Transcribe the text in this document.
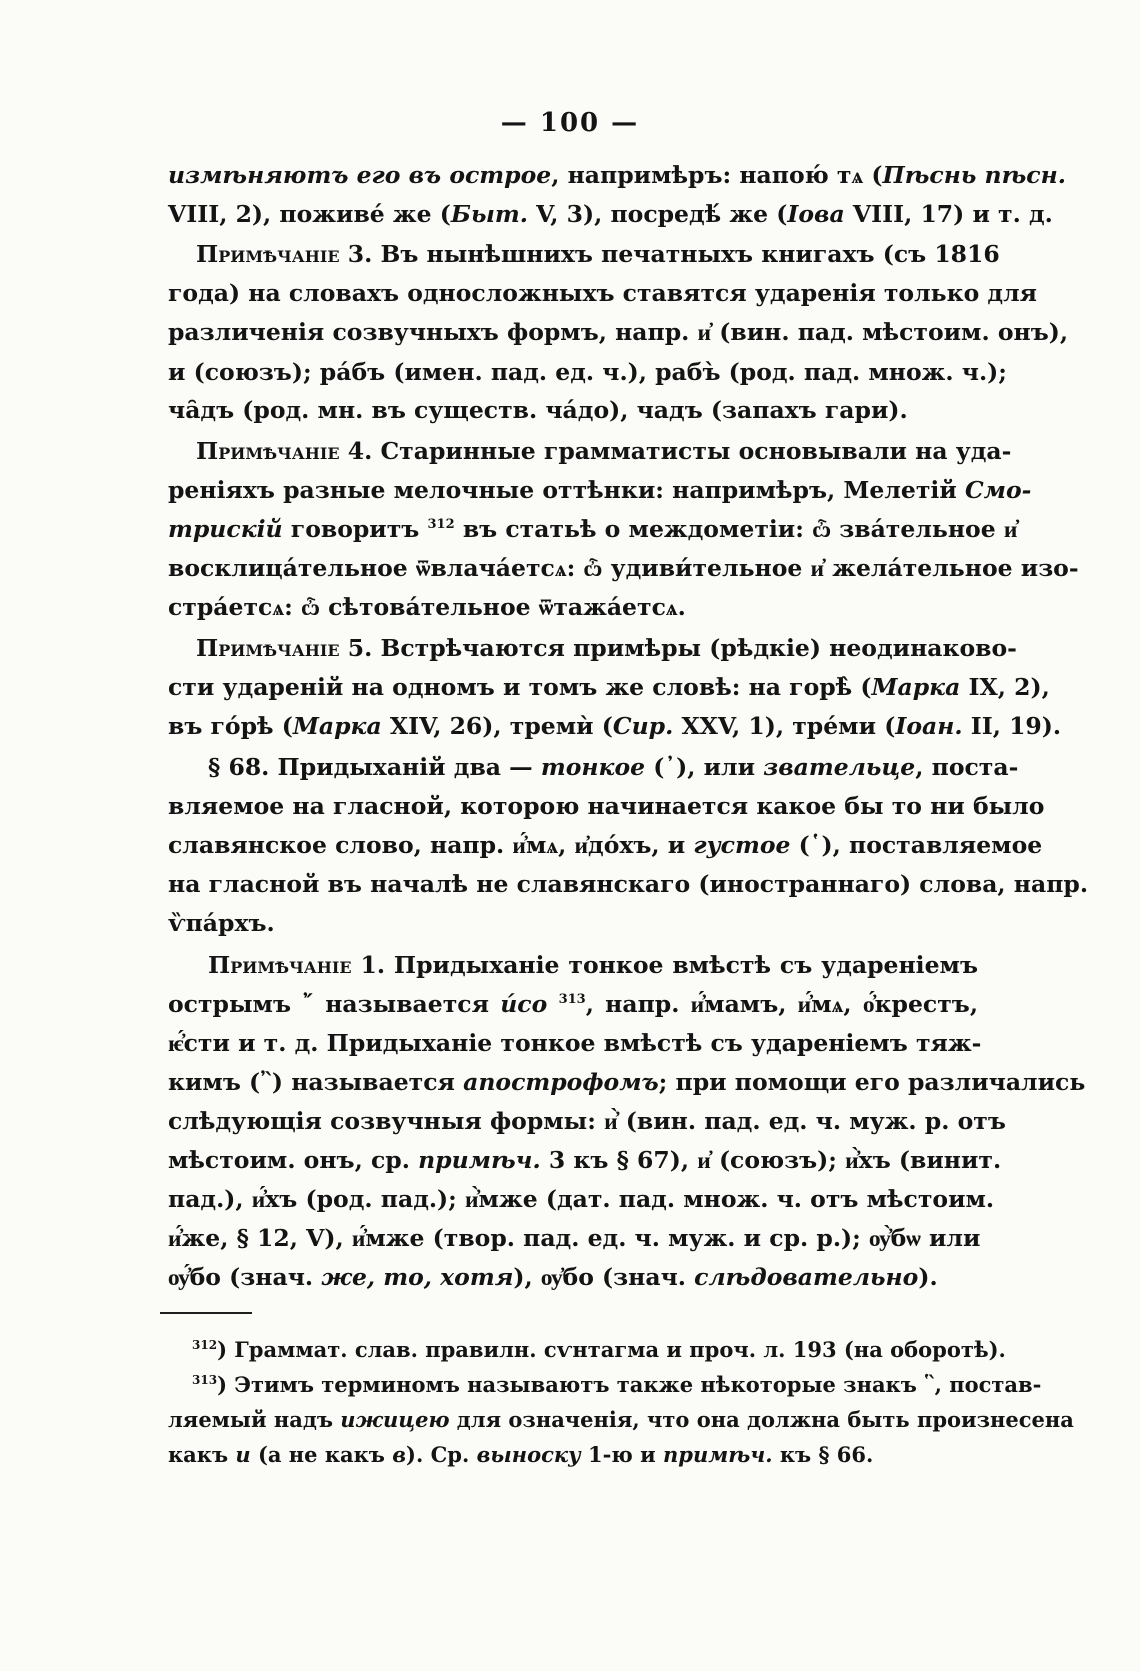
— 100 —
измѣняютъ его въ острое, напримѣръ: напою́ тѧ (Пѣснь пѣсн.
VIII, 2), поживе́ же (Быт. V, 3), посредѣ́ же (Іова VIII, 17) и т. д.
Примѣчаніе 3. Въ нынѣшнихъ печатныхъ книгахъ (съ 1816
года) на словахъ односложныхъ ставятся ударенія только для
различенія созвучныхъ формъ, напр. и҆ (вин. пад. мѣстоим. онъ),
и (союзъ); ра́бъ (имен. пад. ед. ч.), рабъ̀ (род. пад. множ. ч.);
ча̑дъ (род. мн. въ существ. ча́до), чадъ (запахъ гари).
Примѣчаніе 4. Старинные грамматисты основывали на уда-
реніяхъ разные мелочные оттѣнки: напримѣръ, Мелетій Смо-
трискій говоритъ $^{312}$ въ статьѣ о междометіи: ѽ зва́тельное и҆
восклица́тельное ѿвлача́етсѧ: ѽ удиви́тельное и҆ жела́тельное изо-
стра́етсѧ: ѽ сѣтова́тельное ѿтажа́етсѧ.
Примѣчаніе 5. Встрѣчаются примѣры (рѣдкіе) неодинаково-
сти удареній на одномъ и томъ же словѣ: на горѣ̀ (Марка IX, 2),
въ го́рѣ (Марка XIV, 26), тремѝ (Сир. XXV, 1), тре́ми (Іоан. II, 19).
§ 68. Придыханій два — тонкое (᾿), или звательце, поста-
вляемое на гласной, которою начинается какое бы то ни было
славянское слово, напр. и҆́мѧ, и҆до́хъ, и густое (῾), поставляемое
на гласной въ началѣ не славянскаго (иностраннаго) слова, напр.
ѷпа́рхъ.
Примѣчаніе 1. Придыханіе тонкое вмѣстѣ съ удареніемъ
острымъ ῎ называется и́со $^{313}$, напр. и҆́мамъ, и҆́мѧ, о҆́крестъ,
ѥ҆́сти и т. д. Придыханіе тонкое вмѣстѣ съ удареніемъ тяж-
кимъ (῍) называется апострофомъ; при помощи его различались
слѣдующія созвучныя формы: и҆̀ (вин. пад. ед. ч. муж. р. отъ
мѣстоим. онъ, ср. примѣч. 3 къ § 67), и҆ (союзъ); и҆̀хъ (винит.
пад.), и҆́хъ (род. пад.); и҆̀мже (дат. пад. множ. ч. отъ мѣстоим.
и҆́же, § 12, V), и҆́мже (твор. пад. ед. ч. муж. и ср. р.); ѹ҆̀бѡ или
ѹ҆́бо (знач. же, то, хотя), ѹ҆бо (знач. слѣдовательно).
$^{312}$) Граммат. слав. правилн. сѵнтагма и проч. л. 193 (на оборотѣ).
$^{313}$) Этимъ терминомъ называютъ также нѣкоторые знакъ ῝, постав-
ляемый надъ ижицею для означенія, что она должна быть произнесена
какъ и (а не какъ в). Ср. выноску 1-ю и примѣч. къ § 66.
